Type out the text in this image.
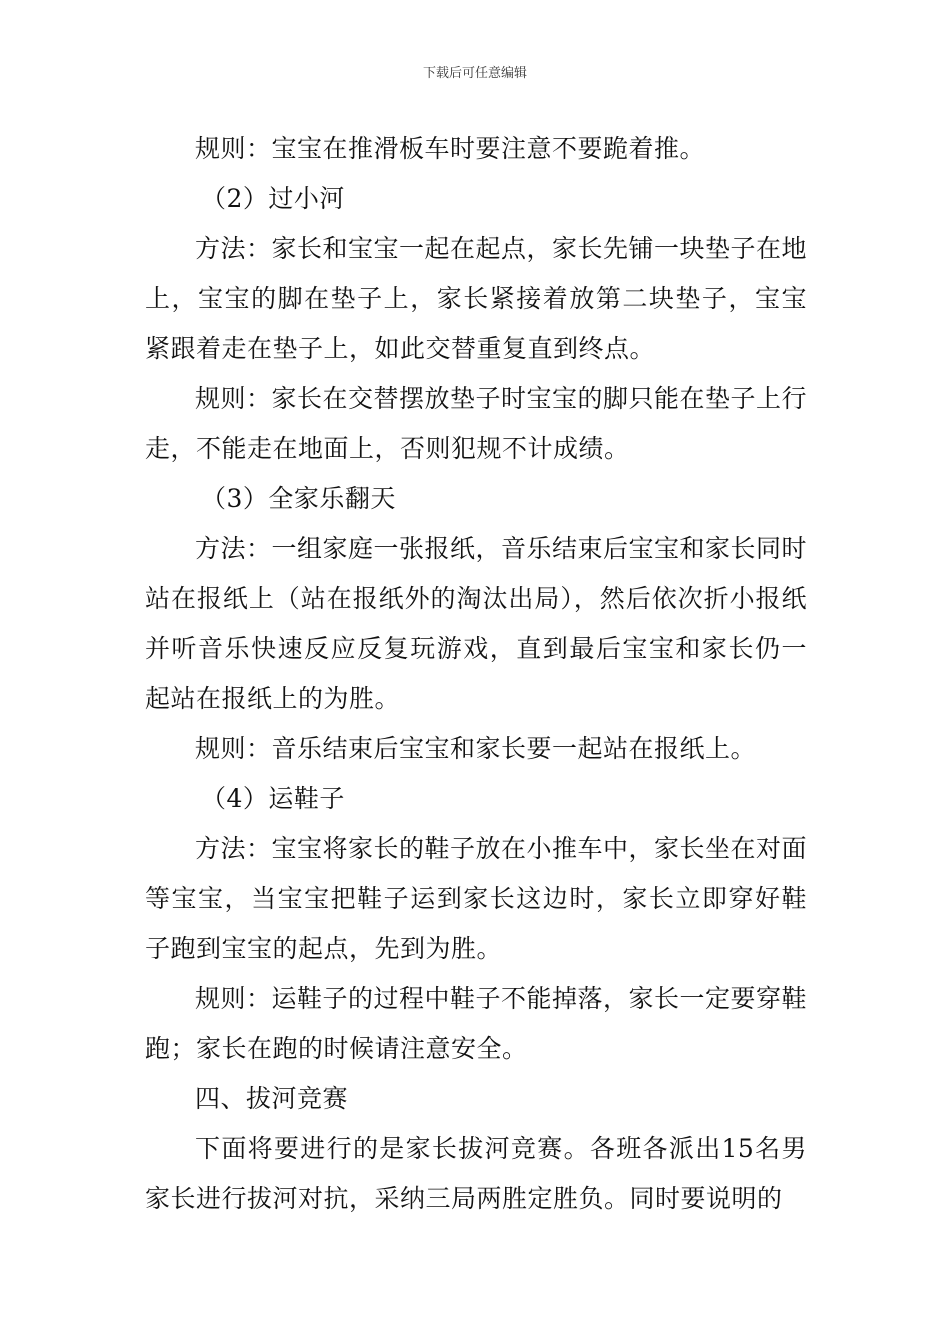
下载后可任意编辑

规则：宝宝在推滑板车时要注意不要跪着推。

（2）过小河

方法：家长和宝宝一起在起点，家长先铺一块垫子在地上，宝宝的脚在垫子上，家长紧接着放第二块垫子，宝宝紧跟着走在垫子上，如此交替重复直到终点。

规则：家长在交替摆放垫子时宝宝的脚只能在垫子上行走，不能走在地面上，否则犯规不计成绩。

（3）全家乐翻天

方法：一组家庭一张报纸，音乐结束后宝宝和家长同时站在报纸上（站在报纸外的淘汰出局），然后依次折小报纸并听音乐快速反应反复玩游戏，直到最后宝宝和家长仍一起站在报纸上的为胜。

规则：音乐结束后宝宝和家长要一起站在报纸上。

（4）运鞋子

方法：宝宝将家长的鞋子放在小推车中，家长坐在对面等宝宝，当宝宝把鞋子运到家长这边时，家长立即穿好鞋子跑到宝宝的起点，先到为胜。

规则：运鞋子的过程中鞋子不能掉落，家长一定要穿鞋跑；家长在跑的时候请注意安全。

四、拔河竞赛

下面将要进行的是家长拔河竞赛。各班各派出15名男家长进行拔河对抗，采纳三局两胜定胜负。同时要说明的
